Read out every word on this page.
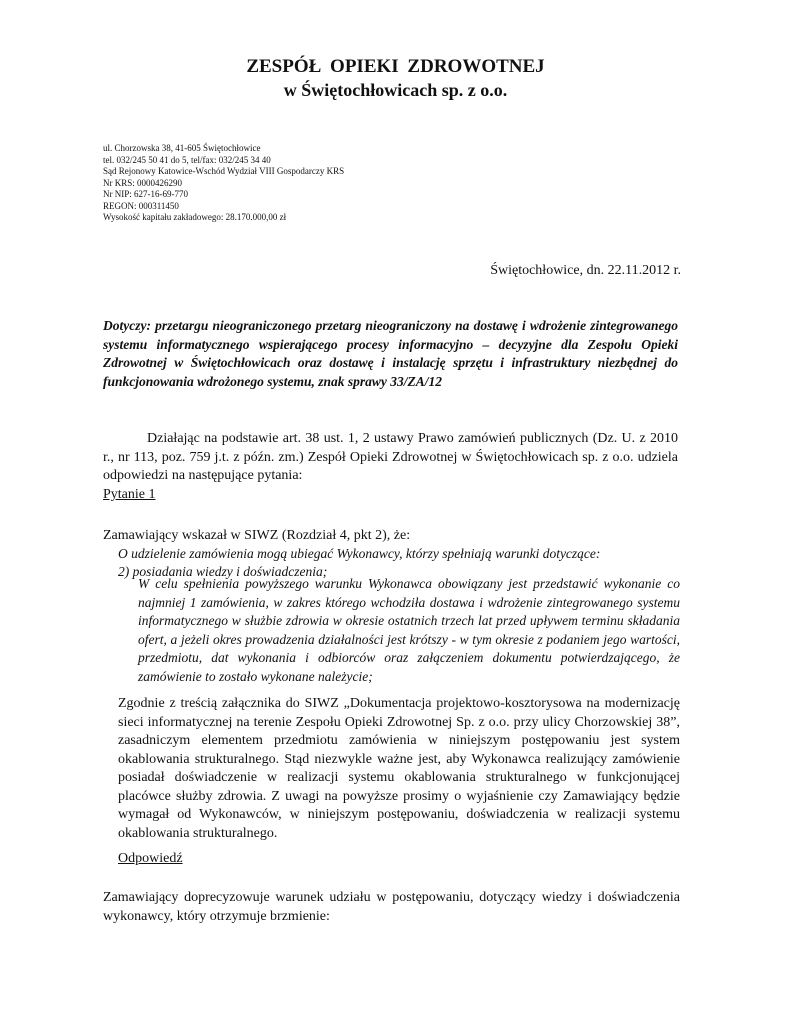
ZESPÓŁ OPIEKI ZDROWOTNEJ
w Świętochłowicach sp. z o.o.
ul. Chorzowska 38, 41-605 Świętochłowice
tel. 032/245 50 41 do 5, tel/fax: 032/245 34 40
Sąd Rejonowy Katowice-Wschód Wydział VIII Gospodarczy KRS
Nr KRS: 0000426290
Nr NIP: 627-16-69-770
REGON: 000311450
Wysokość kapitału zakładowego: 28.170.000,00 zł
Świętochłowice, dn. 22.11.2012 r.

Dotyczy: przetargu nieograniczonego przetarg nieograniczony na dostawę i wdrożenie zintegrowanego systemu informatycznego wspierającego procesy informacyjno – decyzyjne dla Zespołu Opieki Zdrowotnej w Świętochłowicach oraz dostawę i instalację sprzętu i infrastruktury niezbędnej do funkcjonowania wdrożonego systemu, znak sprawy 33/ZA/12

Działając na podstawie art. 38 ust. 1, 2 ustawy Prawo zamówień publicznych (Dz. U. z 2010 r., nr 113, poz. 759 j.t. z późn. zm.) Zespół Opieki Zdrowotnej w Świętochłowicach sp. z o.o. udziela odpowiedzi na następujące pytania:

Pytanie 1
Zamawiający wskazał w SIWZ (Rozdział 4, pkt 2), że:
O udzielenie zamówienia mogą ubiegać Wykonawcy, którzy spełniają warunki dotyczące:
2) posiadania wiedzy i doświadczenia;

W celu spełnienia powyższego warunku Wykonawca obowiązany jest przedstawić wykonanie co najmniej 1 zamówienia, w zakres którego wchodziła dostawa i wdrożenie zintegrowanego systemu informatycznego w służbie zdrowia w okresie ostatnich trzech lat przed upływem terminu składania ofert, a jeżeli okres prowadzenia działalności jest krótszy - w tym okresie z podaniem jego wartości, przedmiotu, dat wykonania i odbiorców oraz załączeniem dokumentu potwierdzającego, że zamówienie to zostało wykonane należycie;

Zgodnie z treścią załącznika do SIWZ „Dokumentacja projektowo-kosztorysowa na modernizację sieci informatycznej na terenie Zespołu Opieki Zdrowotnej Sp. z o.o. przy ulicy Chorzowskiej 38”, zasadniczym elementem przedmiotu zamówienia w niniejszym postępowaniu jest system okablowania strukturalnego. Stąd niezwykle ważne jest, aby Wykonawca realizujący zamówienie posiadał doświadczenie w realizacji systemu okablowania strukturalnego w funkcjonującej placówce służby zdrowia. Z uwagi na powyższe prosimy o wyjaśnienie czy Zamawiający będzie wymagał od Wykonawców, w niniejszym postępowaniu, doświadczenia w realizacji systemu okablowania strukturalnego.

Odpowiedź

Zamawiający doprecyzowuje warunek udziału w postępowaniu, dotyczący wiedzy i doświadczenia wykonawcy, który otrzymuje brzmienie:
